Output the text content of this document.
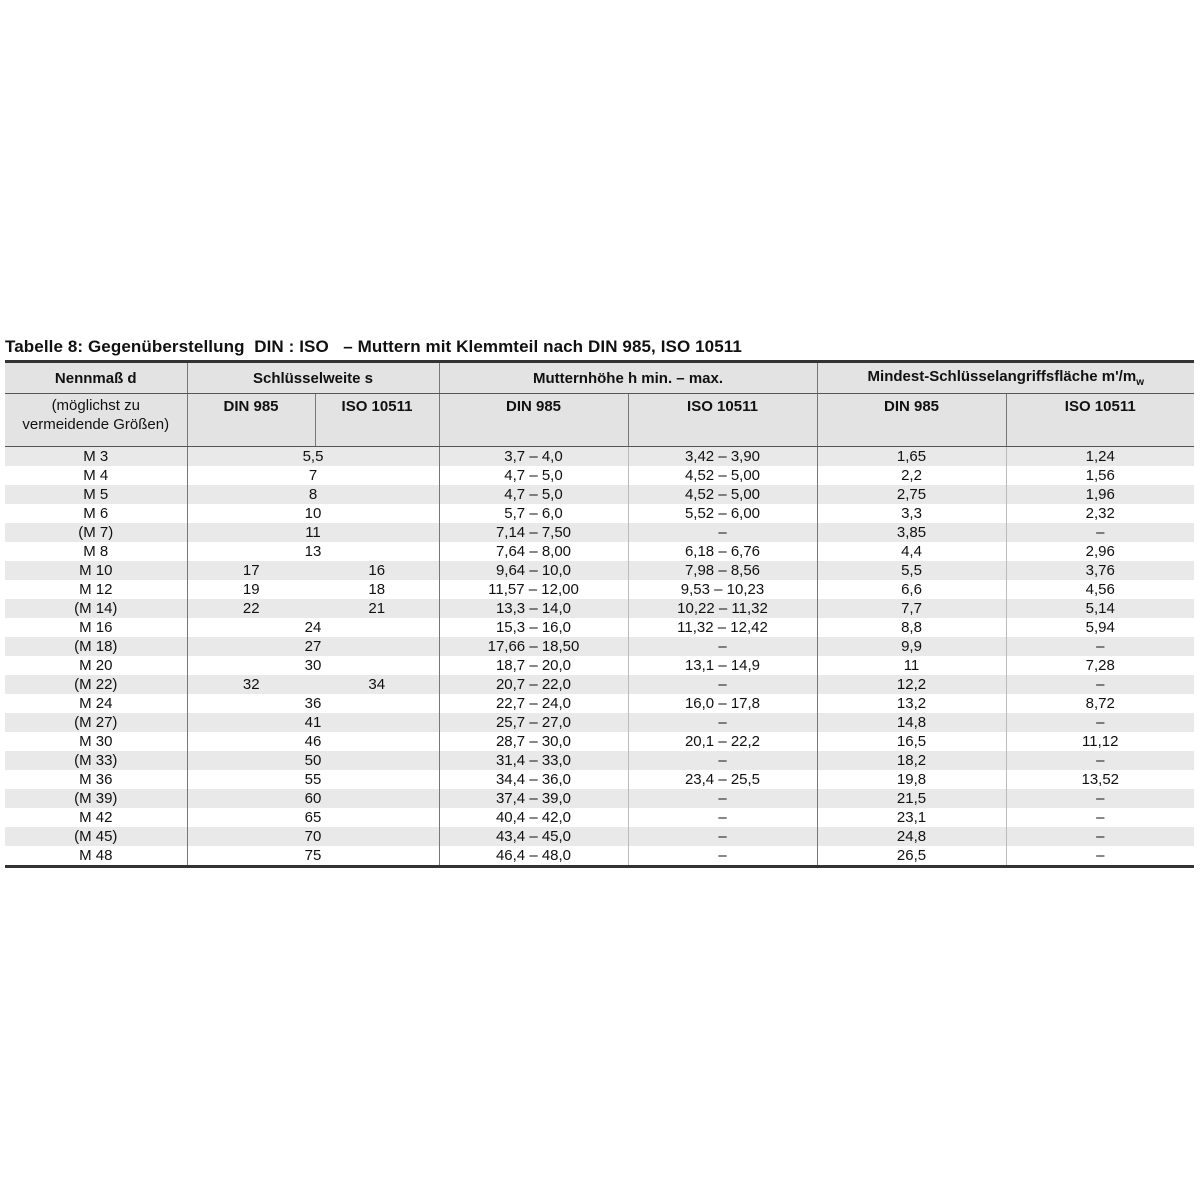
Tabelle 8: Gegenüberstellung  DIN : ISO   – Muttern mit Klemmteil nach DIN 985, ISO 10511
Nennmaß d	Schlüsselweite s		Mutternhöhe h min. – max.		Mindest-Schlüsselangriffsfläche $m'/m_w$
(möglichst zu
vermeidende Größen)	DIN 985	ISO 10511	DIN 985	ISO 10511	DIN 985	ISO 10511
M 3	5,5		3,7 – 4,0	3,42 – 3,90	1,65	1,24
M 4	7		4,7 – 5,0	4,52 – 5,00	2,2	1,56
M 5	8		4,7 – 5,0	4,52 – 5,00	2,75	1,96
M 6	10		5,7 – 6,0	5,52 – 6,00	3,3	2,32
(M 7)	11		7,14 – 7,50	–	3,85	–
M 8	13		7,64 – 8,00	6,18 – 6,76	4,4	2,96
M 10	17	16	9,64 – 10,0	7,98 – 8,56	5,5	3,76
M 12	19	18	11,57 – 12,00	9,53 – 10,23	6,6	4,56
(M 14)	22	21	13,3 – 14,0	10,22 – 11,32	7,7	5,14
M 16	24		15,3 – 16,0	11,32 – 12,42	8,8	5,94
(M 18)	27		17,66 – 18,50	–	9,9	–
M 20	30		18,7 – 20,0	13,1 – 14,9	11	7,28
(M 22)	32	34	20,7 – 22,0	–	12,2	–
M 24	36		22,7 – 24,0	16,0 – 17,8	13,2	8,72
(M 27)	41		25,7 – 27,0	–	14,8	–
M 30	46		28,7 – 30,0	20,1 – 22,2	16,5	11,12
(M 33)	50		31,4 – 33,0	–	18,2	–
M 36	55		34,4 – 36,0	23,4 – 25,5	19,8	13,52
(M 39)	60		37,4 – 39,0	–	21,5	–
M 42	65		40,4 – 42,0	–	23,1	–
(M 45)	70		43,4 – 45,0	–	24,8	–
M 48	75		46,4 – 48,0	–	26,5	–
